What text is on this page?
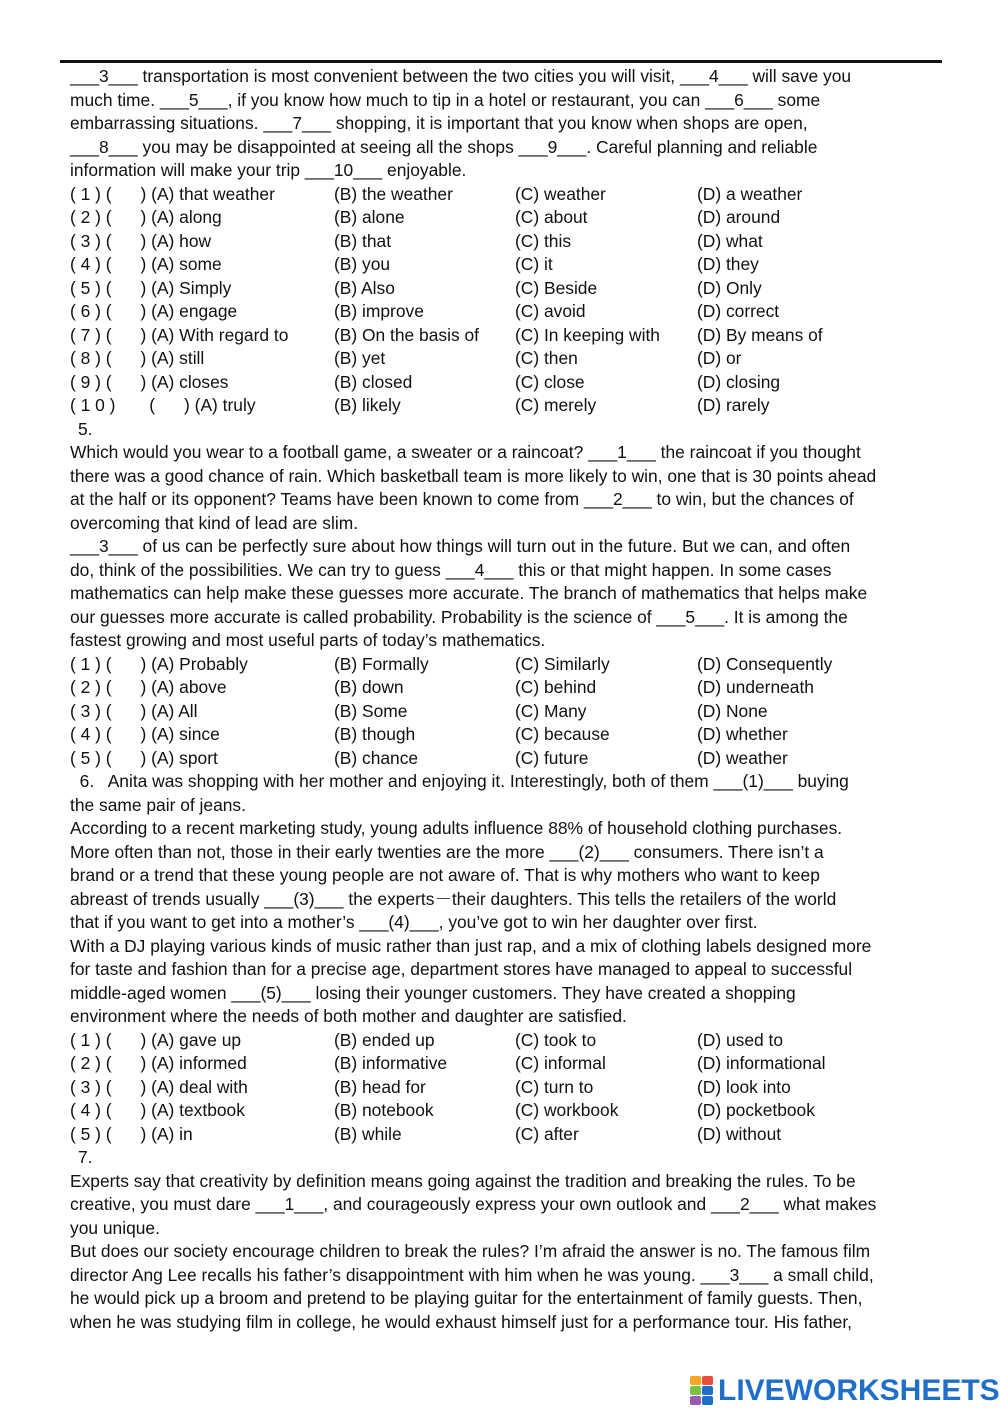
___3___ transportation is most convenient between the two cities you will visit, ___4___ will save you
much time. ___5___, if you know how much to tip in a hotel or restaurant, you can ___6___ some
embarrassing situations. ___7___ shopping, it is important that you know when shops are open,
___8___ you may be disappointed at seeing all the shops ___9___. Careful planning and reliable
information will make your trip ___10___ enjoyable.
( 1 ) (      ) (A) that weather	(B) the weather	(C) weather	(D) a weather
( 2 ) (      ) (A) along	(B) alone	(C) about	(D) around
( 3 ) (      ) (A) how	(B) that	(C) this	(D) what
( 4 ) (      ) (A) some	(B) you	(C) it	(D) they
( 5 ) (      ) (A) Simply	(B) Also	(C) Beside	(D) Only
( 6 ) (      ) (A) engage	(B) improve	(C) avoid	(D) correct
( 7 ) (      ) (A) With regard to	(B) On the basis of	(C) In keeping with	(D) By means of
( 8 ) (      ) (A) still	(B) yet	(C) then	(D) or
( 9 ) (      ) (A) closes	(B) closed	(C) close	(D) closing
( 1 0 )       (      ) (A) truly	(B) likely	(C) merely	(D) rarely
5.
Which would you wear to a football game, a sweater or a raincoat? ___1___ the raincoat if you thought
there was a good chance of rain. Which basketball team is more likely to win, one that is 30 points ahead
at the half or its opponent? Teams have been known to come from ___2___ to win, but the chances of
overcoming that kind of lead are slim.
___3___ of us can be perfectly sure about how things will turn out in the future. But we can, and often
do, think of the possibilities. We can try to guess ___4___ this or that might happen. In some cases
mathematics can help make these guesses more accurate. The branch of mathematics that helps make
our guesses more accurate is called probability. Probability is the science of ___5___. It is among the
fastest growing and most useful parts of today’s mathematics.
( 1 ) (      ) (A) Probably	(B) Formally	(C) Similarly	(D) Consequently
( 2 ) (      ) (A) above	(B) down	(C) behind	(D) underneath
( 3 ) (      ) (A) All	(B) Some	(C) Many	(D) None
( 4 ) (      ) (A) since	(B) though	(C) because	(D) whether
( 5 ) (      ) (A) sport	(B) chance	(C) future	(D) weather
6.   Anita was shopping with her mother and enjoying it. Interestingly, both of them ___(1)___ buying
the same pair of jeans.
According to a recent marketing study, young adults influence 88% of household clothing purchases.
More often than not, those in their early twenties are the more ___(2)___ consumers. There isn’t a
brand or a trend that these young people are not aware of. That is why mothers who want to keep
abreast of trends usually ___(3)___ the experts－their daughters. This tells the retailers of the world
that if you want to get into a mother’s ___(4)___, you’ve got to win her daughter over first.
With a DJ playing various kinds of music rather than just rap, and a mix of clothing labels designed more
for taste and fashion than for a precise age, department stores have managed to appeal to successful
middle-aged women ___(5)___ losing their younger customers. They have created a shopping
environment where the needs of both mother and daughter are satisfied.
( 1 ) (      ) (A) gave up	(B) ended up	(C) took to	(D) used to
( 2 ) (      ) (A) informed	(B) informative	(C) informal	(D) informational
( 3 ) (      ) (A) deal with	(B) head for	(C) turn to	(D) look into
( 4 ) (      ) (A) textbook	(B) notebook	(C) workbook	(D) pocketbook
( 5 ) (      ) (A) in	(B) while	(C) after	(D) without
7.
Experts say that creativity by definition means going against the tradition and breaking the rules. To be
creative, you must dare ___1___, and courageously express your own outlook and ___2___ what makes
you unique.
But does our society encourage children to break the rules? I’m afraid the answer is no. The famous film
director Ang Lee recalls his father’s disappointment with him when he was young. ___3___ a small child,
he would pick up a broom and pretend to be playing guitar for the entertainment of family guests. Then,
when he was studying film in college, he would exhaust himself just for a performance tour. His father,
LIVEWORKSHEETS
